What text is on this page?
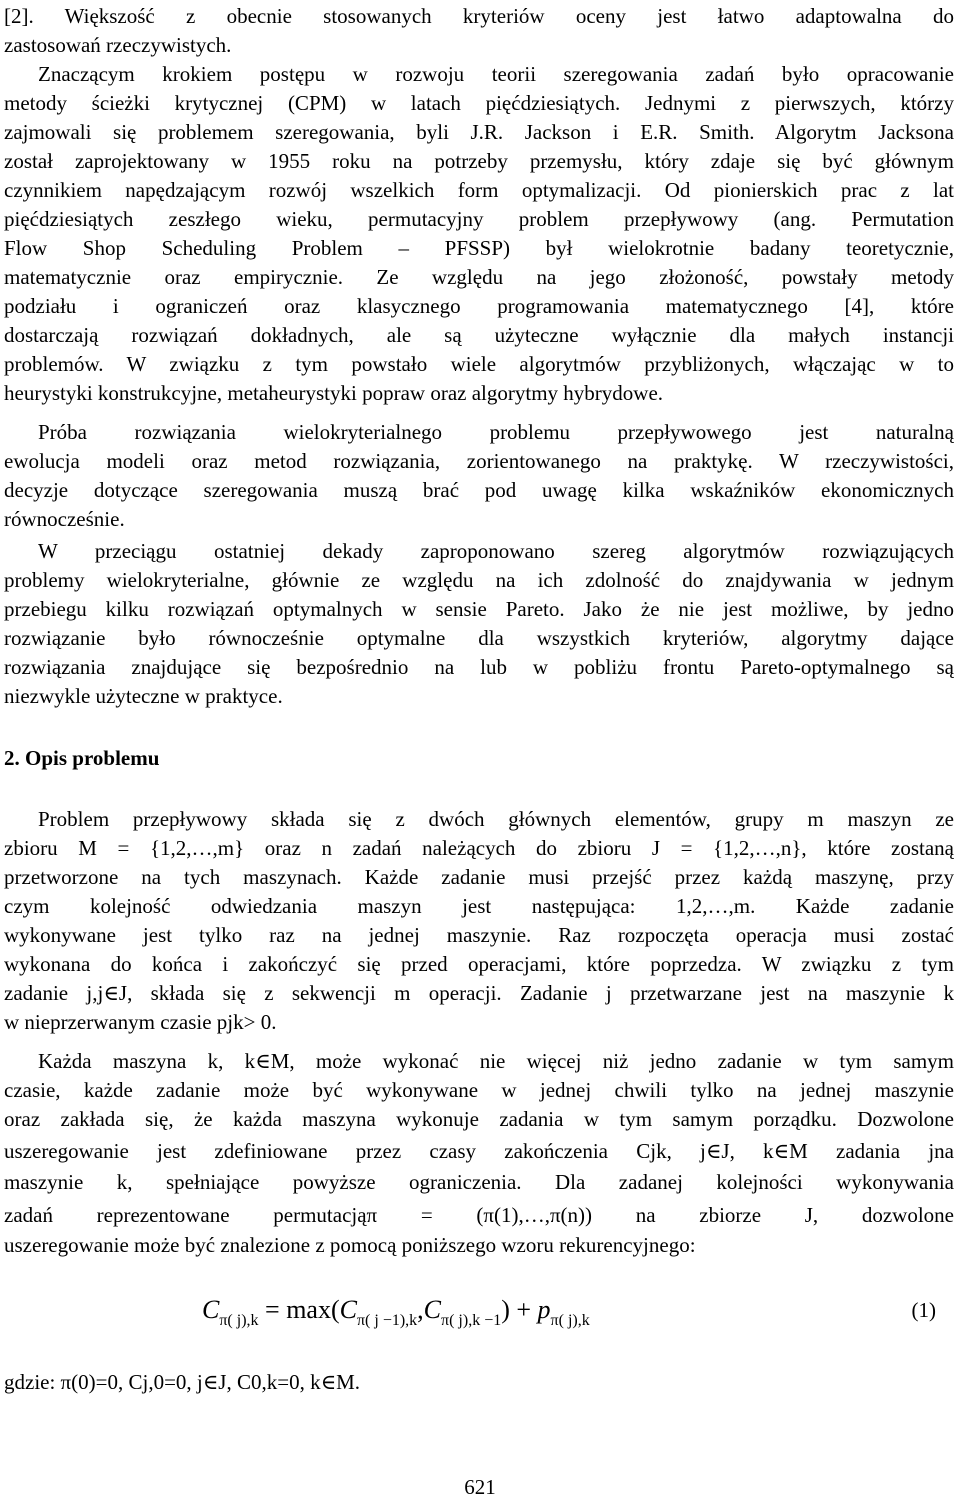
[2]. Większość z obecnie stosowanych kryteriów oceny jest łatwo adaptowalna do
zastosowań rzeczywistych.
Znaczącym krokiem postępu w rozwoju teorii szeregowania zadań było opracowanie
metody ścieżki krytycznej (CPM) w latach pięćdziesiątych. Jednymi z pierwszych, którzy
zajmowali się problemem szeregowania, byli J.R. Jackson i E.R. Smith. Algorytm Jacksona
został zaprojektowany w 1955 roku na potrzeby przemysłu, który zdaje się być głównym
czynnikiem napędzającym rozwój wszelkich form optymalizacji. Od pionierskich prac z lat
pięćdziesiątych zeszłego wieku, permutacyjny problem przepływowy (ang. Permutation
Flow Shop Scheduling Problem – PFSSP) był wielokrotnie badany teoretycznie,
matematycznie oraz empirycznie. Ze względu na jego złożoność, powstały metody
podziału i ograniczeń oraz klasycznego programowania matematycznego [4], które
dostarczają rozwiązań dokładnych, ale są użyteczne wyłącznie dla małych instancji
problemów. W związku z tym powstało wiele algorytmów przybliżonych, włączając w to
heurystyki konstrukcyjne, metaheurystyki popraw oraz algorytmy hybrydowe.
Próba rozwiązania wielokryterialnego problemu przepływowego jest naturalną
ewolucja modeli oraz metod rozwiązania, zorientowanego na praktykę. W rzeczywistości,
decyzje dotyczące szeregowania muszą brać pod uwagę kilka wskaźników ekonomicznych
równocześnie.
W przeciągu ostatniej dekady zaproponowano szereg algorytmów rozwiązujących
problemy wielokryterialne, głównie ze względu na ich zdolność do znajdywania w jednym
przebiegu kilku rozwiązań optymalnych w sensie Pareto. Jako że nie jest możliwe, by jedno
rozwiązanie było równocześnie optymalne dla wszystkich kryteriów, algorytmy dające
rozwiązania znajdujące się bezpośrednio na lub w pobliżu frontu Pareto-optymalnego są
niezwykle użyteczne w praktyce.
2. Opis problemu
Problem przepływowy składa się z dwóch głównych elementów, grupy m maszyn ze
zbioru M = {1,2,…,m} oraz n zadań należących do zbioru J = {1,2,…,n}, które zostaną
przetworzone na tych maszynach. Każde zadanie musi przejść przez każdą maszynę, przy
czym kolejność odwiedzania maszyn jest następująca: 1,2,…,m. Każde zadanie
wykonywane jest tylko raz na jednej maszynie. Raz rozpoczęta operacja musi zostać
wykonana do końca i zakończyć się przed operacjami, które poprzedza. W związku z tym
zadanie j,j∈J, składa się z sekwencji m operacji. Zadanie j przetwarzane jest na maszynie k
w nieprzerwanym czasie pjk> 0.
Każda maszyna k, k∈M, może wykonać nie więcej niż jedno zadanie w tym samym
czasie, każde zadanie może być wykonywane w jednej chwili tylko na jednej maszynie
oraz zakłada się, że każda maszyna wykonuje zadania w tym samym porządku. Dozwolone
uszeregowanie jest zdefiniowane przez czasy zakończenia Cjk, j∈J, k∈M zadania jna
maszynie k, spełniające powyższe ograniczenia. Dla zadanej kolejności wykonywania
zadań reprezentowane permutacjąπ = (π(1),…,π(n)) na zbiorze J, dozwolone
uszeregowanie może być znalezione z pomocą poniższego wzoru rekurencyjnego:
$C_{\pi( j),k} = \max(C_{\pi( j -1),k},C_{\pi( j),k -1}) + p_{\pi( j),k}$	(1)
gdzie: π(0)=0, Cj,0=0, j∈J, C0,k=0, k∈M.
621
